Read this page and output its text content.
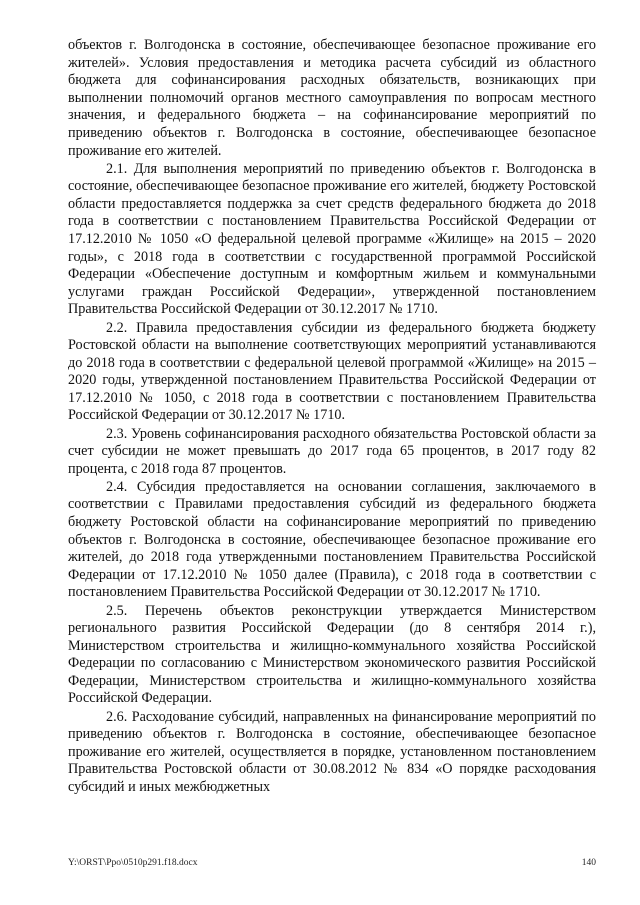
объектов г. Волгодонска в состояние, обеспечивающее безопасное проживание его жителей». Условия предоставления и методика расчета субсидий из областного бюджета для софинансирования расходных обязательств, возникающих при выполнении полномочий органов местного самоуправления по вопросам местного значения, и федерального бюджета – на софинансирование мероприятий по приведению объектов г. Волгодонска в состояние, обеспечивающее безопасное проживание его жителей.

2.1. Для выполнения мероприятий по приведению объектов г. Волгодонска в состояние, обеспечивающее безопасное проживание его жителей, бюджету Ростовской области предоставляется поддержка за счет средств федерального бюджета до 2018 года в соответствии с постановлением Правительства Российской Федерации от 17.12.2010 № 1050 «О федеральной целевой программе «Жилище» на 2015 – 2020 годы», с 2018 года в соответствии с государственной программой Российской Федерации «Обеспечение доступным и комфортным жильем и коммунальными услугами граждан Российской Федерации», утвержденной постановлением Правительства Российской Федерации от 30.12.2017 № 1710.

2.2. Правила предоставления субсидии из федерального бюджета бюджету Ростовской области на выполнение соответствующих мероприятий устанавливаются до 2018 года в соответствии с федеральной целевой программой «Жилище» на 2015 – 2020 годы, утвержденной постановлением Правительства Российской Федерации от 17.12.2010 № 1050, с 2018 года в соответствии с постановлением Правительства Российской Федерации от 30.12.2017 № 1710.

2.3. Уровень софинансирования расходного обязательства Ростовской области за счет субсидии не может превышать до 2017 года 65 процентов, в 2017 году 82 процента, с 2018 года 87 процентов.

2.4. Субсидия предоставляется на основании соглашения, заключаемого в соответствии с Правилами предоставления субсидий из федерального бюджета бюджету Ростовской области на софинансирование мероприятий по приведению объектов г. Волгодонска в состояние, обеспечивающее безопасное проживание его жителей, до 2018 года утвержденными постановлением Правительства Российской Федерации от 17.12.2010 № 1050 далее (Правила), с 2018 года в соответствии с постановлением Правительства Российской Федерации от 30.12.2017 № 1710.

2.5. Перечень объектов реконструкции утверждается Министерством регионального развития Российской Федерации (до 8 сентября 2014 г.), Министерством строительства и жилищно-коммунального хозяйства Российской Федерации по согласованию с Министерством экономического развития Российской Федерации, Министерством строительства и жилищно-коммунального хозяйства Российской Федерации.

2.6. Расходование субсидий, направленных на финансирование мероприятий по приведению объектов г. Волгодонска в состояние, обеспечивающее безопасное проживание его жителей, осуществляется в порядке, установленном постановлением Правительства Ростовской области от 30.08.2012 № 834 «О порядке расходования субсидий и иных межбюджетных

Y:\ORST\Ppo\0510p291.f18.docx	140
